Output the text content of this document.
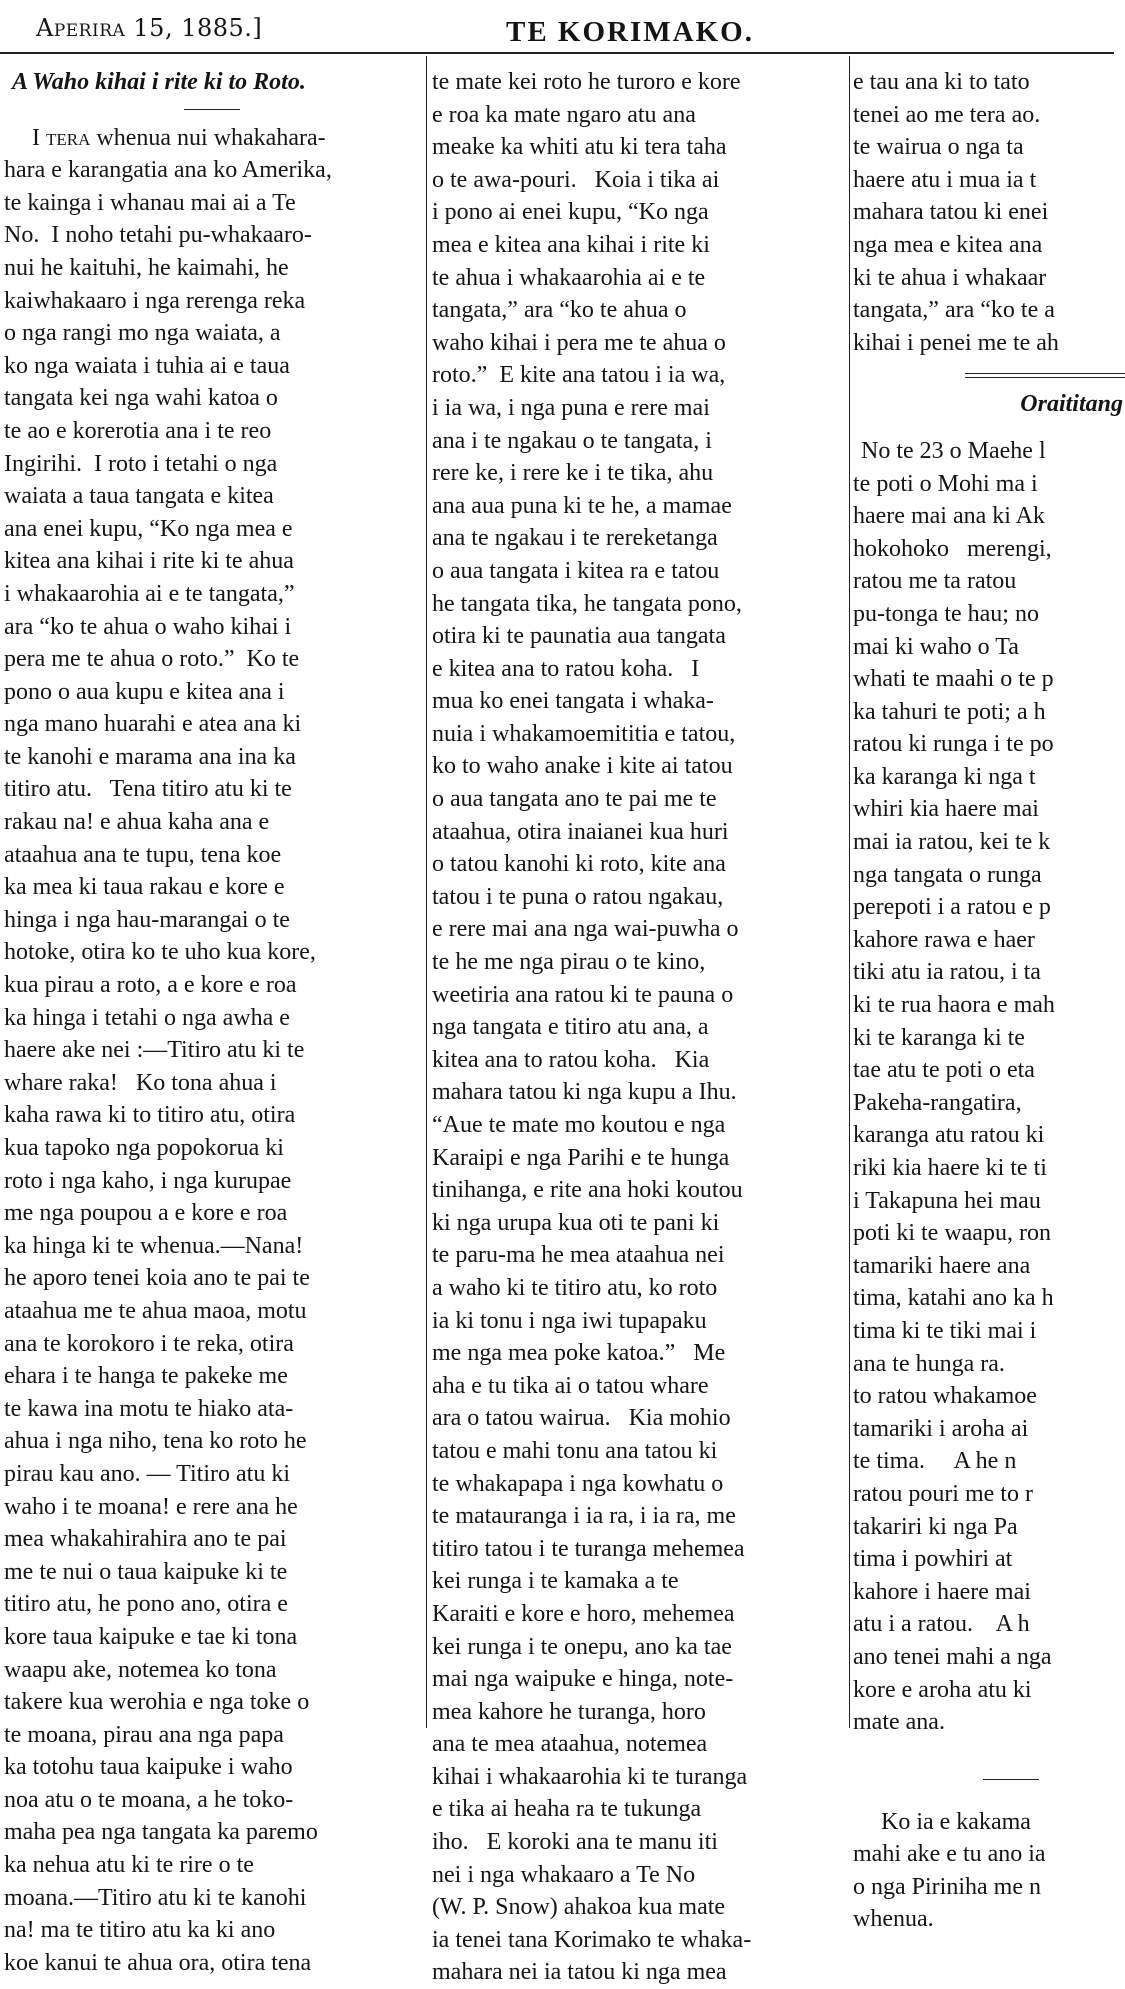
Aperira 15, 1885.]	TE KORIMAKO.
A Waho kihai i rite ki to Roto.
I tera whenua nui whakahara-
hara e karangatia ana ko Amerika,
te kainga i whanau mai ai a Te
No.  I noho tetahi pu-whakaaro-
nui he kaituhi, he kaimahi, he
kaiwhakaaro i nga rerenga reka
o nga rangi mo nga waiata, a
ko nga waiata i tuhia ai e taua
tangata kei nga wahi katoa o
te ao e korerotia ana i te reo
Ingirihi.  I roto i tetahi o nga
waiata a taua tangata e kitea
ana enei kupu, “Ko nga mea e
kitea ana kihai i rite ki te ahua
i whakaarohia ai e te tangata,”
ara “ko te ahua o waho kihai i
pera me te ahua o roto.”  Ko te
pono o aua kupu e kitea ana i
nga mano huarahi e atea ana ki
te kanohi e marama ana ina ka
titiro atu.   Tena titiro atu ki te
rakau na! e ahua kaha ana e
ataahua ana te tupu, tena koe
ka mea ki taua rakau e kore e
hinga i nga hau-marangai o te
hotoke, otira ko te uho kua kore,
kua pirau a roto, a e kore e roa
ka hinga i tetahi o nga awha e
haere ake nei :—Titiro atu ki te
whare raka!   Ko tona ahua i
kaha rawa ki to titiro atu, otira
kua tapoko nga popokorua ki
roto i nga kaho, i nga kurupae
me nga poupou a e kore e roa
ka hinga ki te whenua.—Nana!
he aporo tenei koia ano te pai te
ataahua me te ahua maoa, motu
ana te korokoro i te reka, otira
ehara i te hanga te pakeke me
te kawa ina motu te hiako ata-
ahua i nga niho, tena ko roto he
pirau kau ano. — Titiro atu ki
waho i te moana! e rere ana he
mea whakahirahira ano te pai
me te nui o taua kaipuke ki te
titiro atu, he pono ano, otira e
kore taua kaipuke e tae ki tona
waapu ake, notemea ko tona
takere kua werohia e nga toke o
te moana, pirau ana nga papa
ka totohu taua kaipuke i waho
noa atu o te moana, a he toko-
maha pea nga tangata ka paremo
ka nehua atu ki te rire o te
moana.—Titiro atu ki te kanohi
na! ma te titiro atu ka ki ano
koe kanui te ahua ora, otira tena
te mate kei roto he turoro e kore
e roa ka mate ngaro atu ana
meake ka whiti atu ki tera taha
o te awa-pouri.   Koia i tika ai
i pono ai enei kupu, “Ko nga
mea e kitea ana kihai i rite ki
te ahua i whakaarohia ai e te
tangata,” ara “ko te ahua o
waho kihai i pera me te ahua o
roto.”  E kite ana tatou i ia wa,
i ia wa, i nga puna e rere mai
ana i te ngakau o te tangata, i
rere ke, i rere ke i te tika, ahu
ana aua puna ki te he, a mamae
ana te ngakau i te rereketanga
o aua tangata i kitea ra e tatou
he tangata tika, he tangata pono,
otira ki te paunatia aua tangata
e kitea ana to ratou koha.   I
mua ko enei tangata i whaka-
nuia i whakamoemititia e tatou,
ko to waho anake i kite ai tatou
o aua tangata ano te pai me te
ataahua, otira inaianei kua huri
o tatou kanohi ki roto, kite ana
tatou i te puna o ratou ngakau,
e rere mai ana nga wai-puwha o
te he me nga pirau o te kino,
weetiria ana ratou ki te pauna o
nga tangata e titiro atu ana, a
kitea ana to ratou koha.   Kia
mahara tatou ki nga kupu a Ihu.
“Aue te mate mo koutou e nga
Karaipi e nga Parihi e te hunga
tinihanga, e rite ana hoki koutou
ki nga urupa kua oti te pani ki
te paru-ma he mea ataahua nei
a waho ki te titiro atu, ko roto
ia ki tonu i nga iwi tupapaku
me nga mea poke katoa.”   Me
aha e tu tika ai o tatou whare
ara o tatou wairua.   Kia mohio
tatou e mahi tonu ana tatou ki
te whakapapa i nga kowhatu o
te matauranga i ia ra, i ia ra, me
titiro tatou i te turanga mehemea
kei runga i te kamaka a te
Karaiti e kore e horo, mehemea
kei runga i te onepu, ano ka tae
mai nga waipuke e hinga, note-
mea kahore he turanga, horo
ana te mea ataahua, notemea
kihai i whakaarohia ki te turanga
e tika ai heaha ra te tukunga
iho.   E koroki ana te manu iti
nei i nga whakaaro a Te No
(W. P. Snow) ahakoa kua mate
ia tenei tana Korimako te whaka-
mahara nei ia tatou ki nga mea
e tau ana ki to tato
tenei ao me tera ao.
te wairua o nga ta
haere atu i mua ia t
mahara tatou ki enei
nga mea e kitea ana
ki te ahua i whakaar
tangata,” ara “ko te a
kihai i penei me te ah
Oraititang
No te 23 o Maehe l
te poti o Mohi ma i
haere mai ana ki Ak
hokohoko   merengi,
ratou me ta ratou
pu-tonga te hau; no
mai ki waho o Ta
whati te maahi o te p
ka tahuri te poti; a h
ratou ki runga i te po
ka karanga ki nga t
whiri kia haere mai
mai ia ratou, kei te k
nga tangata o runga
perepoti i a ratou e p
kahore rawa e haer
tiki atu ia ratou, i ta
ki te rua haora e mah
ki te karanga ki te
tae atu te poti o eta
Pakeha-rangatira,
karanga atu ratou ki
riki kia haere ki te ti
i Takapuna hei mau
poti ki te waapu, ron
tamariki haere ana
tima, katahi ano ka h
tima ki te tiki mai i
ana te hunga ra.
to ratou whakamoe
tamariki i aroha ai
te tima.     A he n
ratou pouri me to r
takariri ki nga Pa
tima i powhiri at
kahore i haere mai
atu i a ratou.    A h
ano tenei mahi a nga
kore e aroha atu ki
mate ana.
Ko ia e kakama
mahi ake e tu ano ia
o nga Piriniha me n
whenua.
